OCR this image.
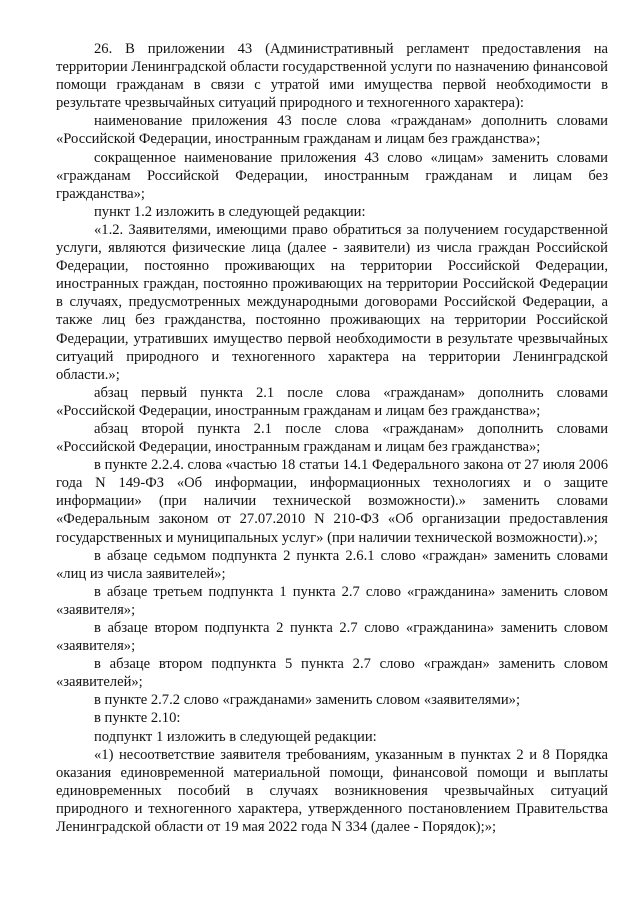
26. В приложении 43 (Административный регламент предоставления на территории Ленинградской области государственной услуги по назначению финансовой помощи гражданам в связи с утратой ими имущества первой необходимости в результате чрезвычайных ситуаций природного и техногенного характера):

наименование приложения 43 после слова «гражданам» дополнить словами «Российской Федерации, иностранным гражданам и лицам без гражданства»;

сокращенное наименование приложения 43 слово «лицам» заменить словами «гражданам Российской Федерации, иностранным гражданам и лицам без гражданства»;

пункт 1.2 изложить в следующей редакции:

«1.2. Заявителями, имеющими право обратиться за получением государственной услуги, являются физические лица (далее - заявители) из числа граждан Российской Федерации, постоянно проживающих на территории Российской Федерации, иностранных граждан, постоянно проживающих на территории Российской Федерации в случаях, предусмотренных международными договорами Российской Федерации, а также лиц без гражданства, постоянно проживающих на территории Российской Федерации, утративших имущество первой необходимости в результате чрезвычайных ситуаций природного и техногенного характера на территории Ленинградской области.»;

абзац первый пункта 2.1 после слова «гражданам» дополнить словами «Российской Федерации, иностранным гражданам и лицам без гражданства»;

абзац второй пункта 2.1 после слова «гражданам» дополнить словами «Российской Федерации, иностранным гражданам и лицам без гражданства»;

в пункте 2.2.4. слова «частью 18 статьи 14.1 Федерального закона от 27 июля 2006 года N 149-ФЗ «Об информации, информационных технологиях и о защите информации» (при наличии технической возможности).» заменить словами «Федеральным законом от 27.07.2010 N 210-ФЗ «Об организации предоставления государственных и муниципальных услуг» (при наличии технической возможности).»;

в абзаце седьмом подпункта 2 пункта 2.6.1 слово «граждан» заменить словами «лиц из числа заявителей»;

в абзаце третьем подпункта 1 пункта 2.7 слово «гражданина» заменить словом «заявителя»;

в абзаце втором подпункта 2 пункта 2.7 слово «гражданина» заменить словом «заявителя»;

в абзаце втором подпункта 5 пункта 2.7 слово «граждан» заменить словом «заявителей»;

в пункте 2.7.2 слово «гражданами» заменить словом «заявителями»;

в пункте 2.10:

подпункт 1 изложить в следующей редакции:

«1) несоответствие заявителя требованиям, указанным в пунктах 2 и 8 Порядка оказания единовременной материальной помощи, финансовой помощи и выплаты единовременных пособий в случаях возникновения чрезвычайных ситуаций природного и техногенного характера, утвержденного постановлением Правительства Ленинградской области от 19 мая 2022 года N 334 (далее - Порядок);»;
